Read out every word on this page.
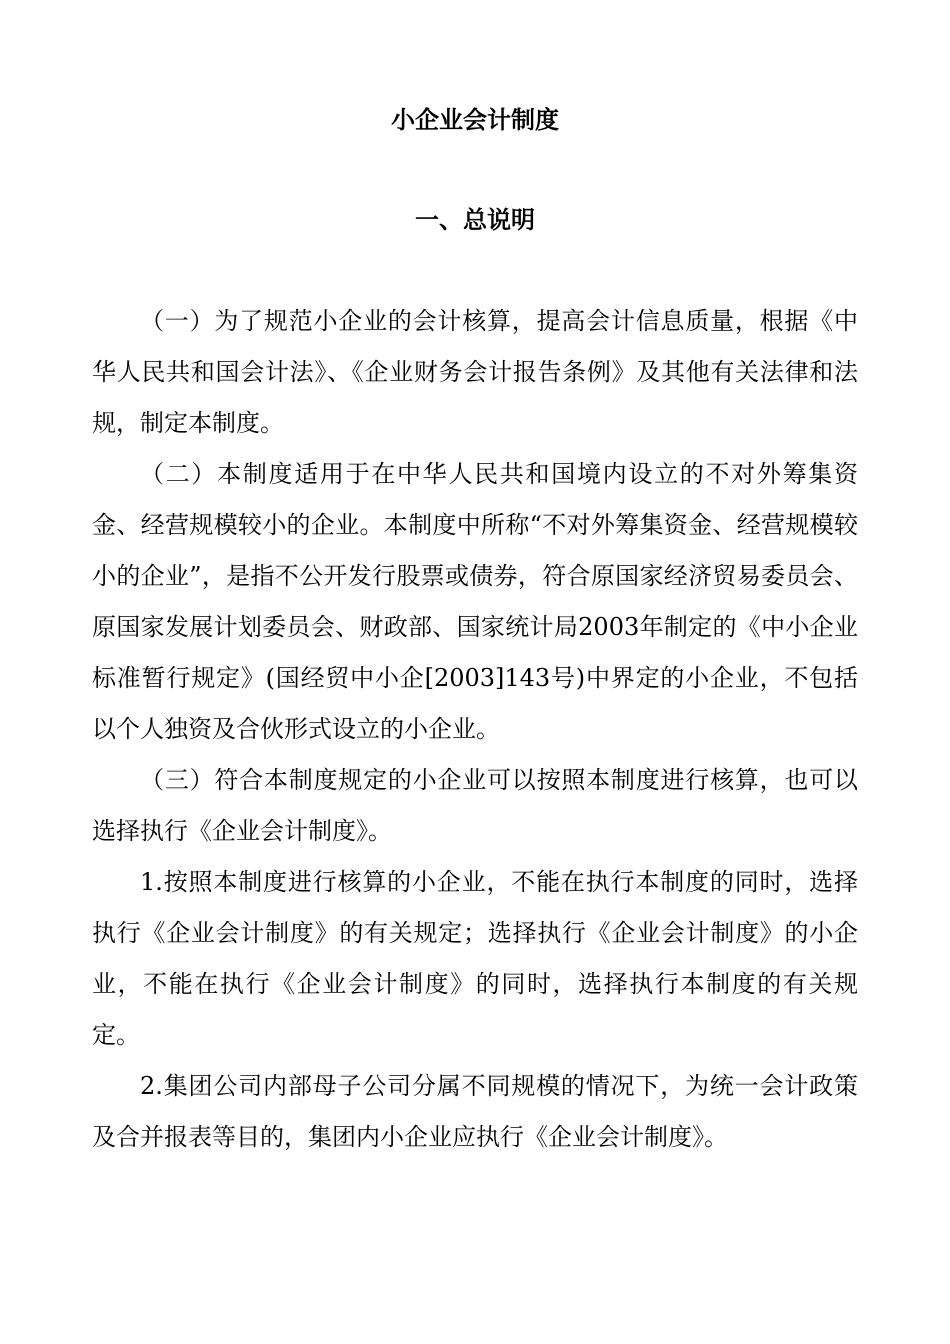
小企业会计制度
一、总说明

（一）为了规范小企业的会计核算，提高会计信息质量，根据《中华人民共和国会计法》、《企业财务会计报告条例》及其他有关法律和法规，制定本制度。

（二）本制度适用于在中华人民共和国境内设立的不对外筹集资金、经营规模较小的企业。本制度中所称“不对外筹集资金、经营规模较小的企业”，是指不公开发行股票或债券，符合原国家经济贸易委员会、原国家发展计划委员会、财政部、国家统计局2003年制定的《中小企业标准暂行规定》(国经贸中小企[2003]143号)中界定的小企业，不包括以个人独资及合伙形式设立的小企业。

（三）符合本制度规定的小企业可以按照本制度进行核算，也可以选择执行《企业会计制度》。

1.按照本制度进行核算的小企业，不能在执行本制度的同时，选择执行《企业会计制度》的有关规定；选择执行《企业会计制度》的小企业，不能在执行《企业会计制度》的同时，选择执行本制度的有关规定。

2.集团公司内部母子公司分属不同规模的情况下，为统一会计政策及合并报表等目的，集团内小企业应执行《企业会计制度》。
